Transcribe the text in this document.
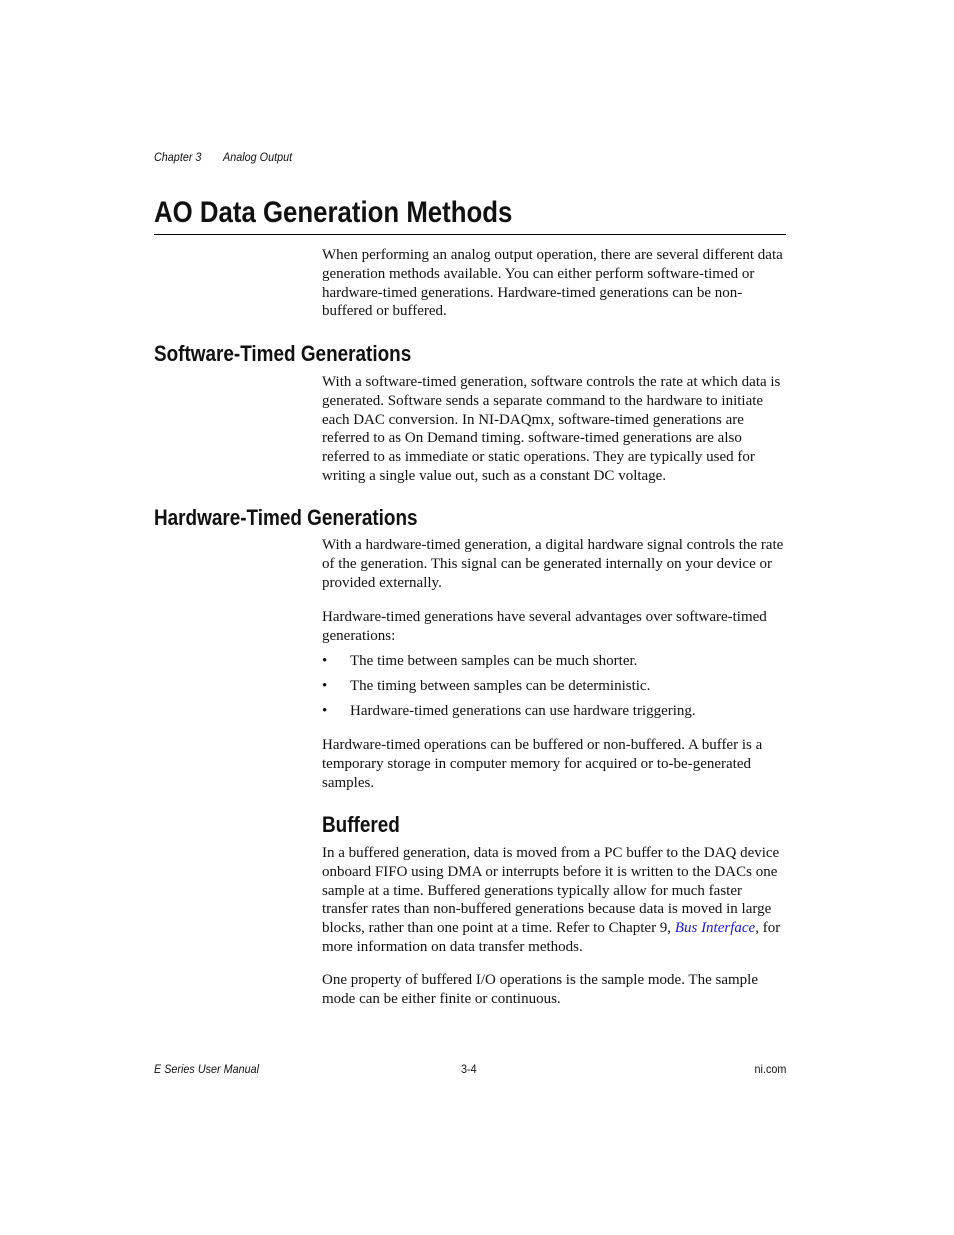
Chapter 3 Analog Output
AO Data Generation Methods

When performing an analog output operation, there are several different data generation methods available. You can either perform software-timed or hardware-timed generations. Hardware-timed generations can be non-buffered or buffered.

Software-Timed Generations

With a software-timed generation, software controls the rate at which data is generated. Software sends a separate command to the hardware to initiate each DAC conversion. In NI-DAQmx, software-timed generations are referred to as On Demand timing. software-timed generations are also referred to as immediate or static operations. They are typically used for writing a single value out, such as a constant DC voltage.

Hardware-Timed Generations

With a hardware-timed generation, a digital hardware signal controls the rate of the generation. This signal can be generated internally on your device or provided externally.

Hardware-timed generations have several advantages over software-timed generations:

• The time between samples can be much shorter.
• The timing between samples can be deterministic.
• Hardware-timed generations can use hardware triggering.

Hardware-timed operations can be buffered or non-buffered. A buffer is a temporary storage in computer memory for acquired or to-be-generated samples.

Buffered

In a buffered generation, data is moved from a PC buffer to the DAQ device onboard FIFO using DMA or interrupts before it is written to the DACs one sample at a time. Buffered generations typically allow for much faster transfer rates than non-buffered generations because data is moved in large blocks, rather than one point at a time. Refer to Chapter 9, Bus Interface, for more information on data transfer methods.

One property of buffered I/O operations is the sample mode. The sample mode can be either finite or continuous.

E Series User Manual	3-4	ni.com
